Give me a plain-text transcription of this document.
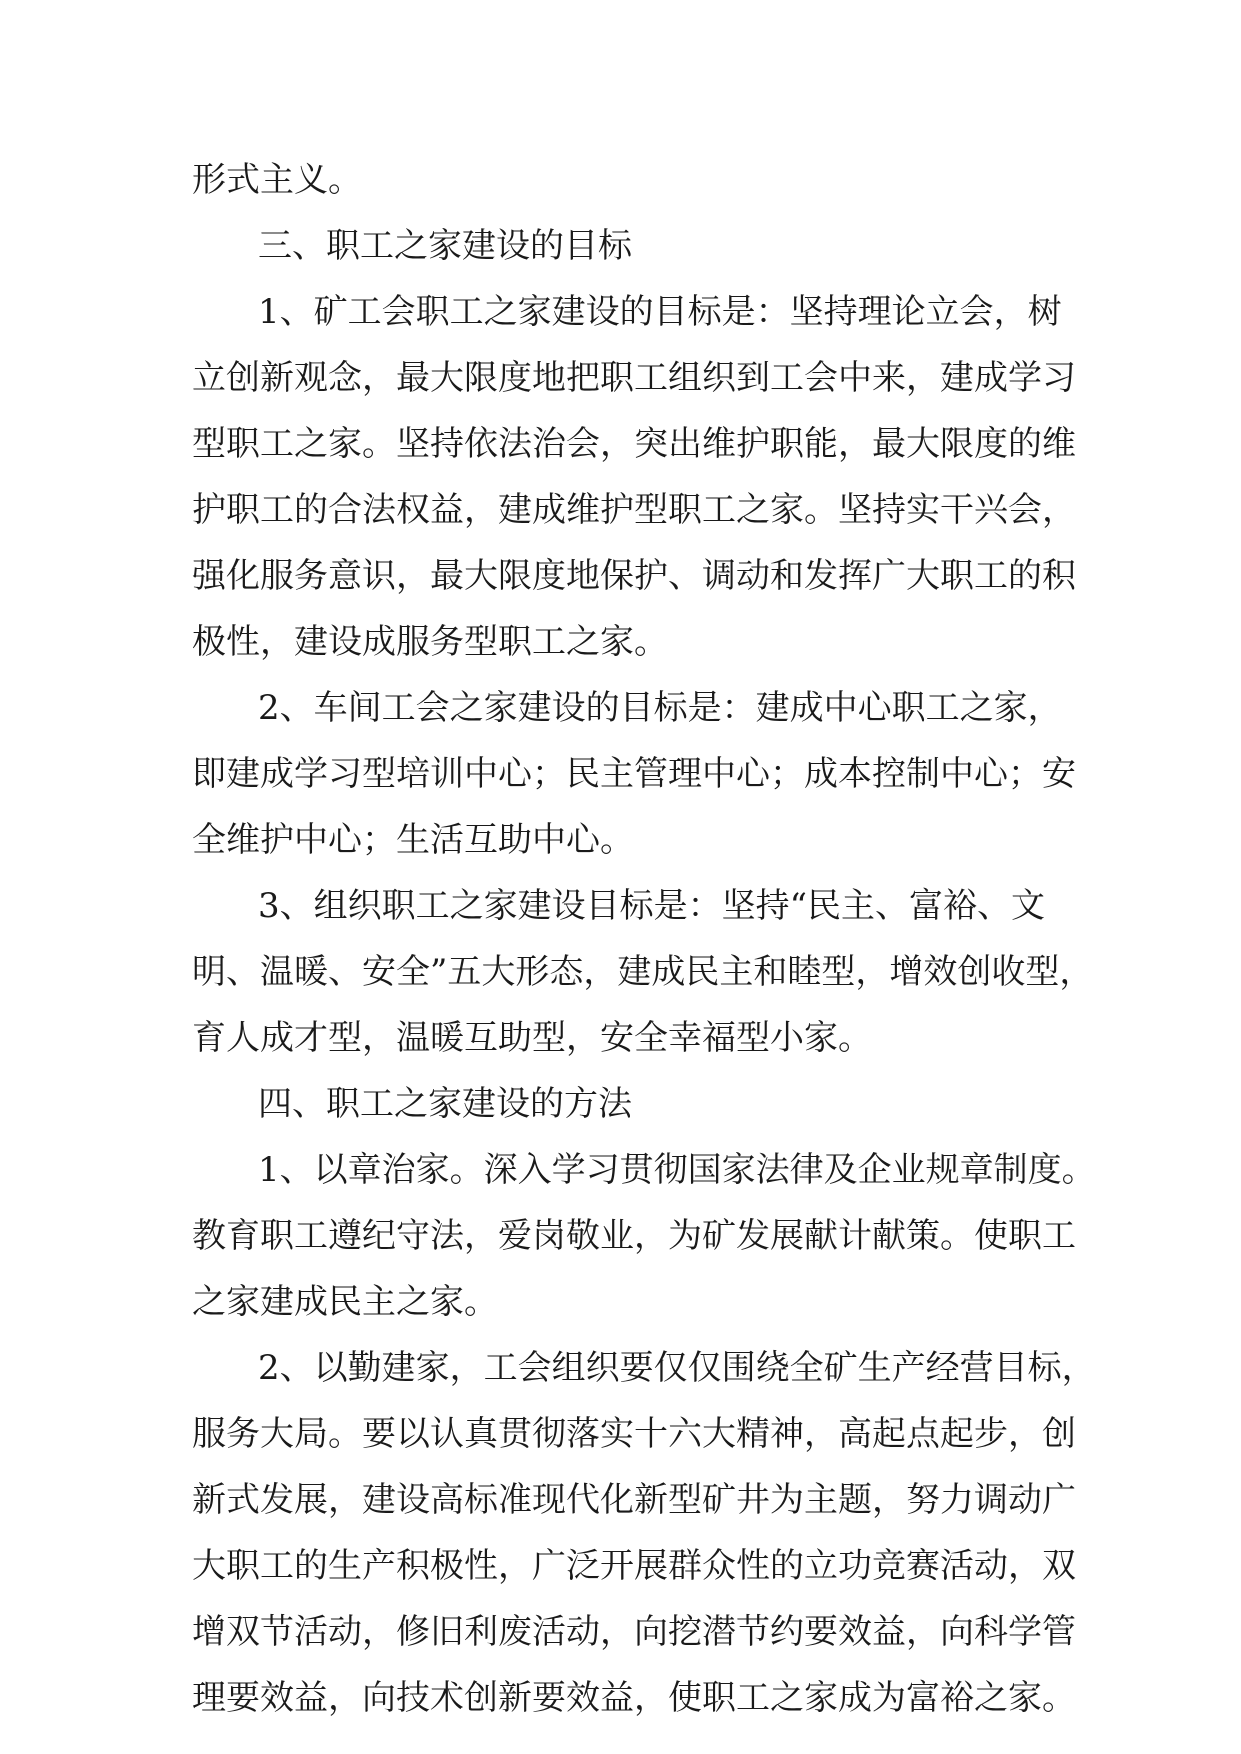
形式主义。
三、职工之家建设的目标
1、矿工会职工之家建设的目标是：坚持理论立会，树
立创新观念，最大限度地把职工组织到工会中来，建成学习
型职工之家。坚持依法治会，突出维护职能，最大限度的维
护职工的合法权益，建成维护型职工之家。坚持实干兴会，
强化服务意识，最大限度地保护、调动和发挥广大职工的积
极性，建设成服务型职工之家。
2、车间工会之家建设的目标是：建成中心职工之家，
即建成学习型培训中心；民主管理中心；成本控制中心；安
全维护中心；生活互助中心。
3、组织职工之家建设目标是：坚持“民主、富裕、文
明、温暖、安全”五大形态，建成民主和睦型，增效创收型，
育人成才型，温暖互助型，安全幸福型小家。
四、职工之家建设的方法
1、以章治家。深入学习贯彻国家法律及企业规章制度。
教育职工遵纪守法，爱岗敬业，为矿发展献计献策。使职工
之家建成民主之家。
2、以勤建家，工会组织要仅仅围绕全矿生产经营目标，
服务大局。要以认真贯彻落实十六大精神，高起点起步，创
新式发展，建设高标准现代化新型矿井为主题，努力调动广
大职工的生产积极性，广泛开展群众性的立功竞赛活动，双
增双节活动，修旧利废活动，向挖潜节约要效益，向科学管
理要效益，向技术创新要效益，使职工之家成为富裕之家。
